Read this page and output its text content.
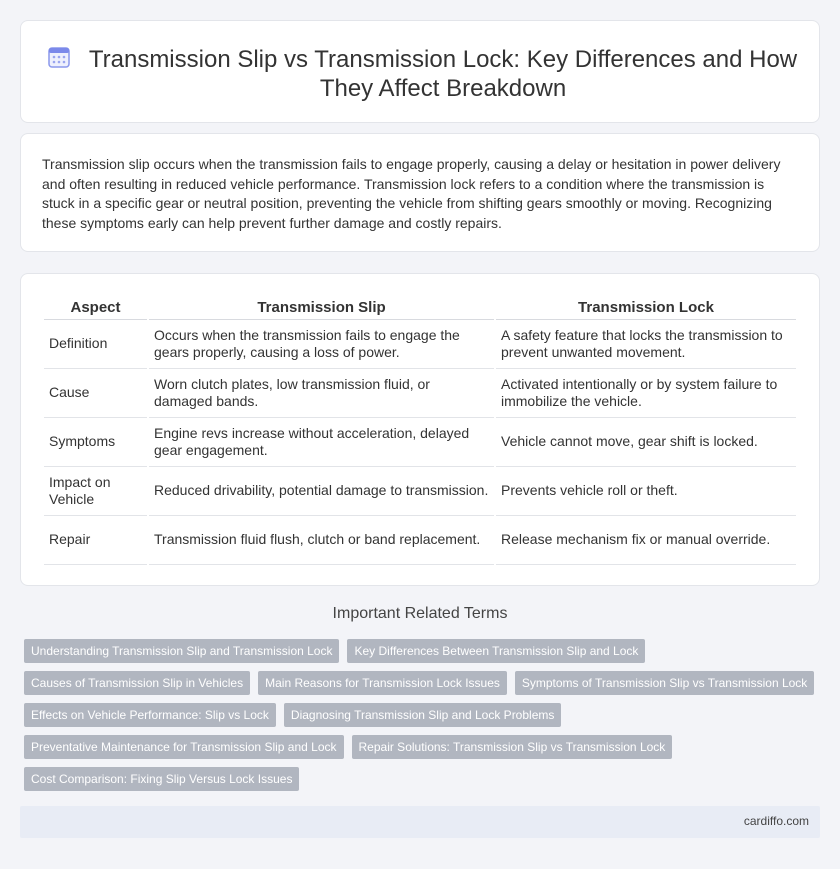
Transmission Slip vs Transmission Lock: Key Differences and How They Affect Breakdown

Transmission slip occurs when the transmission fails to engage properly, causing a delay or hesitation in power delivery and often resulting in reduced vehicle performance. Transmission lock refers to a condition where the transmission is stuck in a specific gear or neutral position, preventing the vehicle from shifting gears smoothly or moving. Recognizing these symptoms early can help prevent further damage and costly repairs.

Aspect	Transmission Slip	Transmission Lock
Definition	Occurs when the transmission fails to engage the gears properly, causing a loss of power.	A safety feature that locks the transmission to prevent unwanted movement.
Cause	Worn clutch plates, low transmission fluid, or damaged bands.	Activated intentionally or by system failure to immobilize the vehicle.
Symptoms	Engine revs increase without acceleration, delayed gear engagement.	Vehicle cannot move, gear shift is locked.
Impact on Vehicle	Reduced drivability, potential damage to transmission.	Prevents vehicle roll or theft.
Repair	Transmission fluid flush, clutch or band replacement.	Release mechanism fix or manual override.
Important Related Terms
Understanding Transmission Slip and Transmission Lock	Key Differences Between Transmission Slip and Lock
Causes of Transmission Slip in Vehicles	Main Reasons for Transmission Lock Issues	Symptoms of Transmission Slip vs Transmission Lock
Effects on Vehicle Performance: Slip vs Lock	Diagnosing Transmission Slip and Lock Problems
Preventative Maintenance for Transmission Slip and Lock	Repair Solutions: Transmission Slip vs Transmission Lock
Cost Comparison: Fixing Slip Versus Lock Issues
cardiffo.com
